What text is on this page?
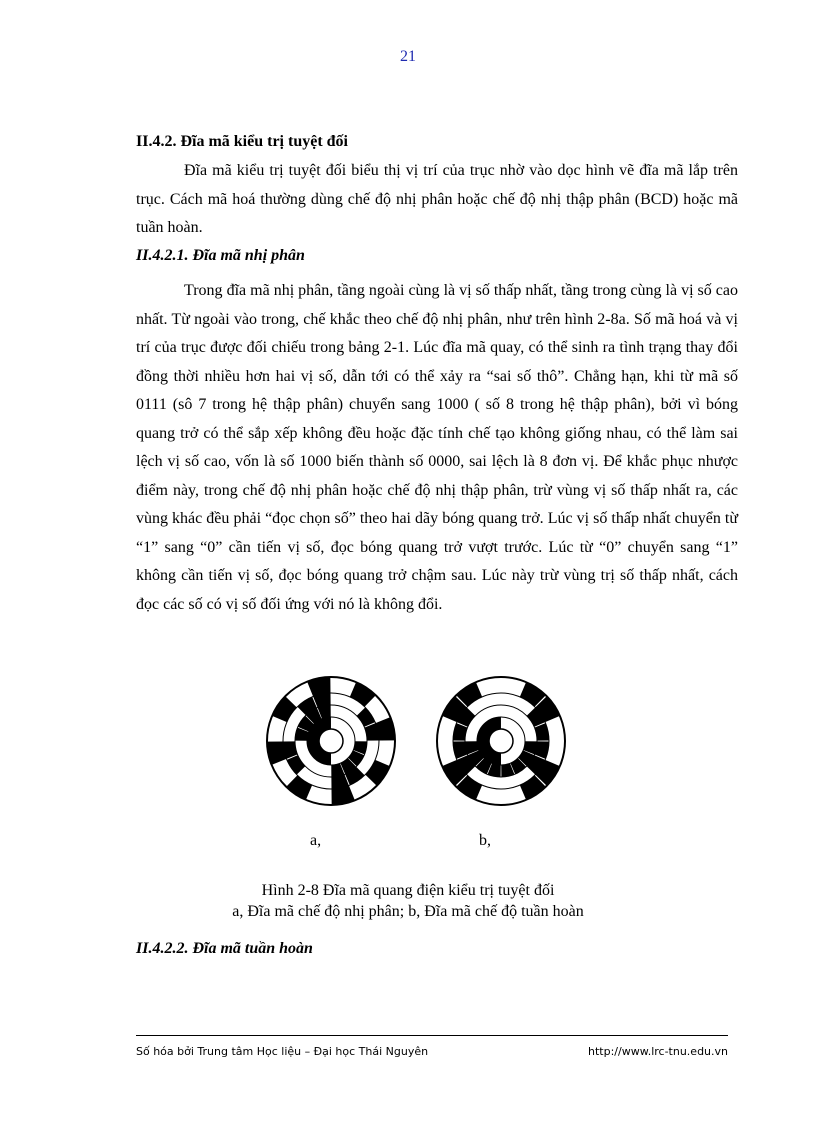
21
II.4.2. Đĩa mã kiểu trị tuyệt đối

Đĩa mã kiểu trị tuyệt đối biểu thị vị trí của trục nhờ vào dọc hình vẽ đĩa mã lắp trên trục. Cách mã hoá thường dùng chế độ nhị phân hoặc chế độ nhị thập phân (BCD) hoặc mã tuần hoàn.

II.4.2.1. Đĩa mã nhị phân

Trong đĩa mã nhị phân, tầng ngoài cùng là vị số thấp nhất, tầng trong cùng là vị số cao nhất. Từ ngoài vào trong, chế khắc theo chế độ nhị phân, như trên hình 2-8a. Số mã hoá và vị trí của trục được đối chiếu trong bảng 2-1. Lúc đĩa mã quay, có thể sinh ra tình trạng thay đổi đồng thời nhiều hơn hai vị số, dẫn tới có thể xảy ra “sai số thô”. Chẳng hạn, khi từ mã số 0111 (sô 7 trong hệ thập phân) chuyển sang 1000 ( số 8 trong hệ thập phân), bởi vì bóng quang trở có thể sắp xếp không đều hoặc đặc tính chế tạo không giống nhau, có thể làm sai lệch vị số cao, vốn là số 1000 biến thành số 0000, sai lệch là 8 đơn vị. Để khắc phục nhược điểm này, trong chế độ nhị phân hoặc chế độ nhị thập phân, trừ vùng vị số thấp nhất ra, các vùng khác đều phải “đọc chọn số” theo hai dãy bóng quang trở. Lúc vị số thấp nhất chuyển từ “1” sang “0” cần tiến vị số, đọc bóng quang trở vượt trước. Lúc từ “0” chuyển sang “1” không cần tiến vị số, đọc bóng quang trở chậm sau. Lúc này trừ vùng trị số thấp nhất, cách đọc các số có vị số đối ứng với nó là không đổi.

a,	b,
Hình 2-8 Đĩa mã quang điện kiểu trị tuyệt đối
a, Đĩa mã chế độ nhị phân; b, Đĩa mã chế độ tuần hoàn
II.4.2.2. Đĩa mã tuần hoàn
Số hóa bởi Trung tâm Học liệu – Đại học Thái Nguyên	http://www.lrc-tnu.edu.vn
